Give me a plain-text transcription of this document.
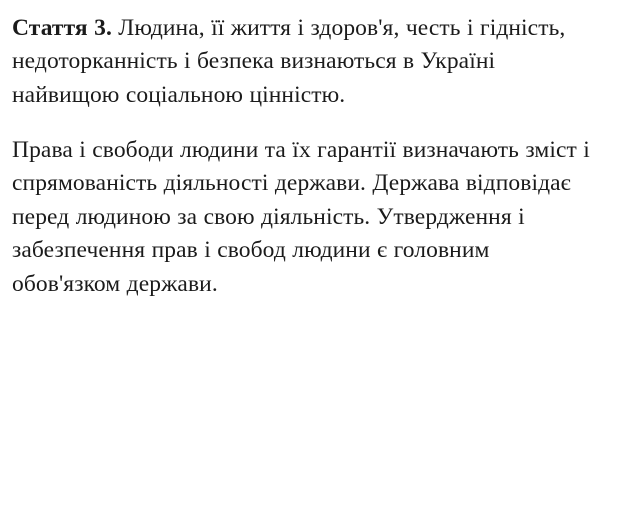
Стаття 3. Людина, її життя і здоров'я, честь і гідність, недоторканність і безпека визнаються в Україні найвищою соціальною цінністю.

Права і свободи людини та їх гарантії визначають зміст і спрямованість діяльності держави. Держава відповідає перед людиною за свою діяльність. Утвердження і забезпечення прав і свобод людини є головним обов'язком держави.
